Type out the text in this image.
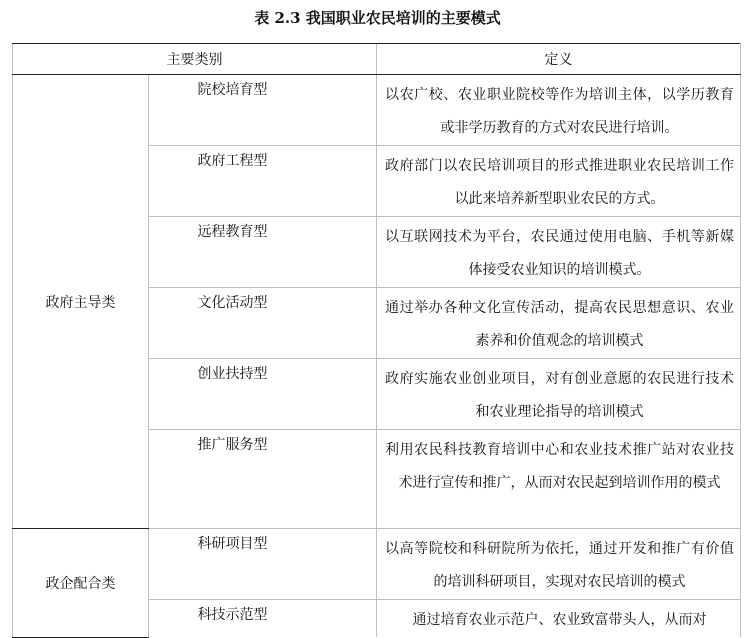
表 2.3 我国职业农民培训的主要模式
主要类别		定义
政府主导类	院校培育型	以农广校、农业职业院校等作为培训主体，以学历教育或非学历教育的方式对农民进行培训。
	政府工程型	政府部门以农民培训项目的形式推进职业农民培训工作以此来培养新型职业农民的方式。
	远程教育型	以互联网技术为平台，农民通过使用电脑、手机等新媒体接受农业知识的培训模式。
	文化活动型	通过举办各种文化宣传活动，提高农民思想意识、农业素养和价值观念的培训模式
	创业扶持型	政府实施农业创业项目，对有创业意愿的农民进行技术和农业理论指导的培训模式
	推广服务型	利用农民科技教育培训中心和农业技术推广站对农业技术进行宣传和推广，从而对农民起到培训作用的模式
政企配合类	科研项目型	以高等院校和科研院所为依托，通过开发和推广有价值的培训科研项目，实现对农民培训的模式
	科技示范型	通过培育农业示范户、农业致富带头人，从而对
